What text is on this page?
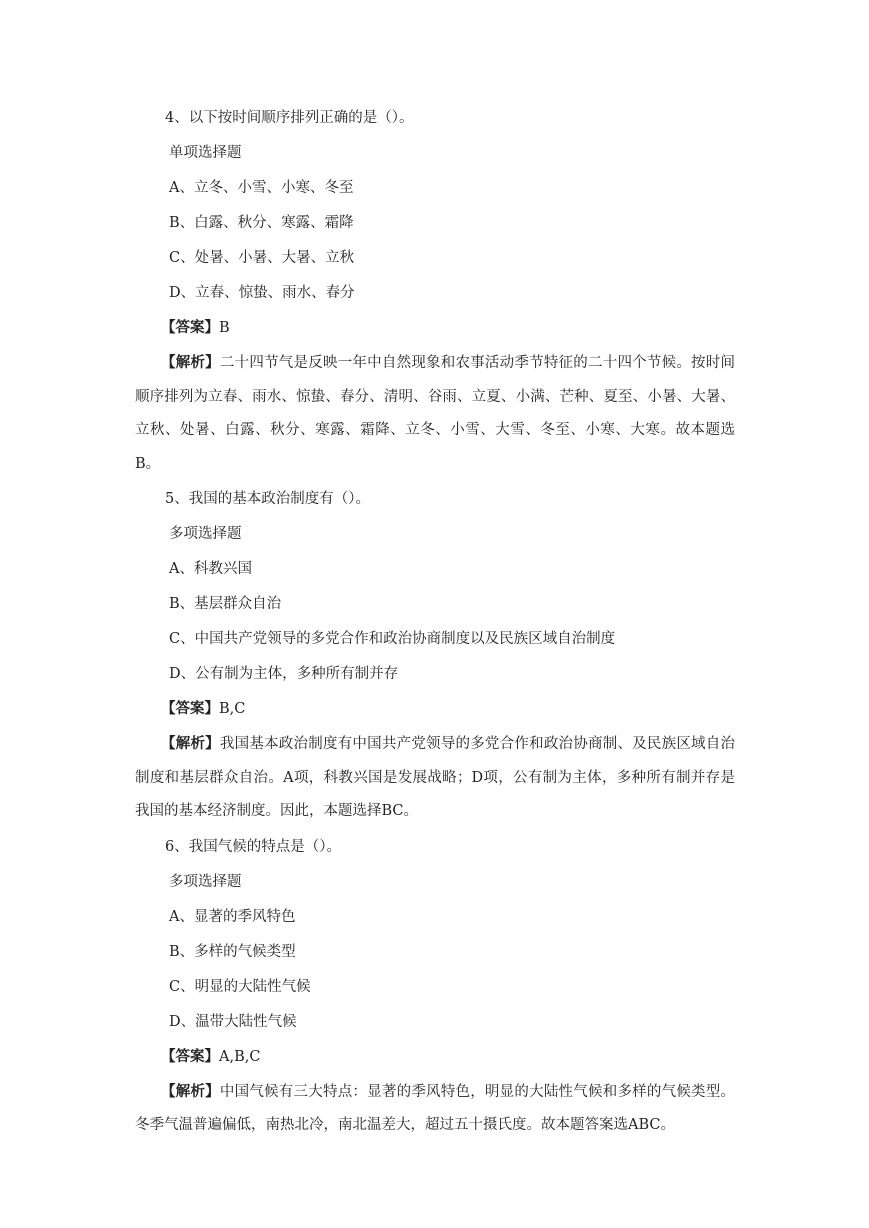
4、以下按时间顺序排列正确的是（）。

单项选择题

A、立冬、小雪、小寒、冬至

B、白露、秋分、寒露、霜降

C、处暑、小暑、大暑、立秋

D、立春、惊蛰、雨水、春分

【答案】B

【解析】二十四节气是反映一年中自然现象和农事活动季节特征的二十四个节候。按时间顺序排列为立春、雨水、惊蛰、春分、清明、谷雨、立夏、小满、芒种、夏至、小暑、大暑、立秋、处暑、白露、秋分、寒露、霜降、立冬、小雪、大雪、冬至、小寒、大寒。故本题选B。

5、我国的基本政治制度有（）。

多项选择题

A、科教兴国

B、基层群众自治

C、中国共产党领导的多党合作和政治协商制度以及民族区域自治制度

D、公有制为主体，多种所有制并存

【答案】B,C

【解析】我国基本政治制度有中国共产党领导的多党合作和政治协商制、及民族区域自治制度和基层群众自治。A项，科教兴国是发展战略；D项，公有制为主体，多种所有制并存是我国的基本经济制度。因此，本题选择BC。

6、我国气候的特点是（）。

多项选择题

A、显著的季风特色

B、多样的气候类型

C、明显的大陆性气候

D、温带大陆性气候

【答案】A,B,C

【解析】中国气候有三大特点：显著的季风特色，明显的大陆性气候和多样的气候类型。冬季气温普遍偏低，南热北冷，南北温差大，超过五十摄氏度。故本题答案选ABC。
